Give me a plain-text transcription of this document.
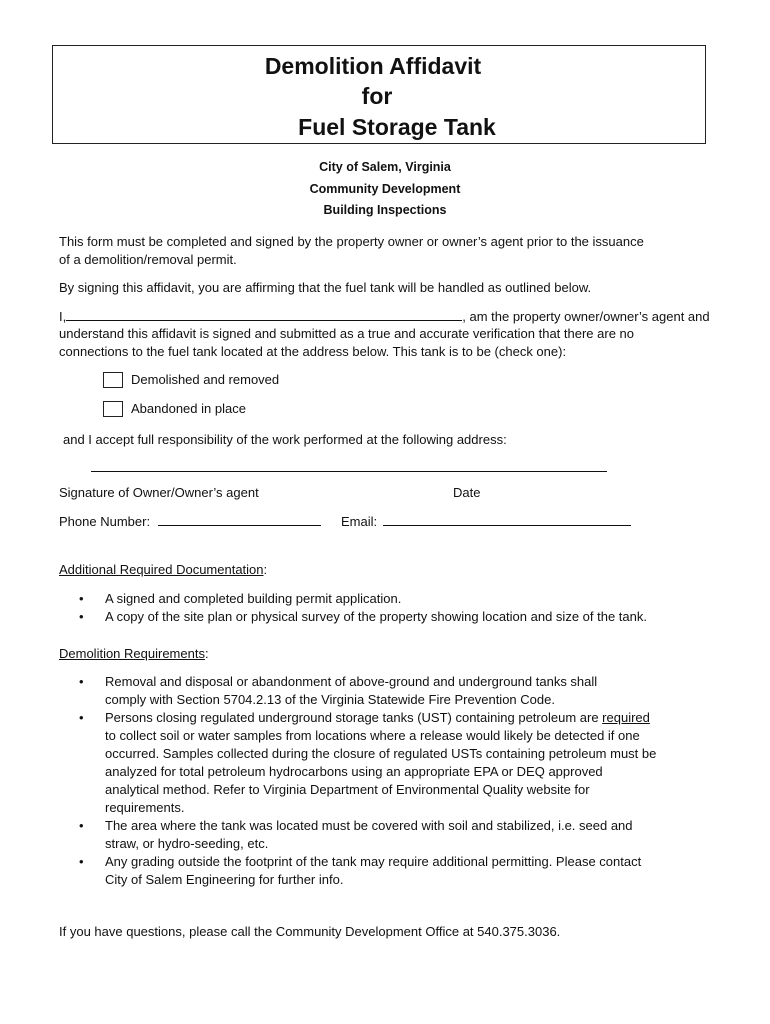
Demolition Affidavit
for
Fuel Storage Tank
City of Salem, Virginia
Community Development
Building Inspections
This form must be completed and signed by the property owner or owner’s agent prior to the issuance
of a demolition/removal permit.
By signing this affidavit, you are affirming that the fuel tank will be handled as outlined below.
I,	, am the property owner/owner’s agent and
understand this affidavit is signed and submitted as a true and accurate verification that there are no
connections to the fuel tank located at the address below. This tank is to be (check one):
Demolished and removed
Abandoned in place
and I accept full responsibility of the work performed at the following address:
Signature of Owner/Owner’s agent	Date
Phone Number:	Email:
Additional Required Documentation:
• A signed and completed building permit application.
• A copy of the site plan or physical survey of the property showing location and size of the tank.
Demolition Requirements:
• Removal and disposal or abandonment of above-ground and underground tanks shall
comply with Section 5704.2.13 of the Virginia Statewide Fire Prevention Code.
• Persons closing regulated underground storage tanks (UST) containing petroleum are required
to collect soil or water samples from locations where a release would likely be detected if one
occurred. Samples collected during the closure of regulated USTs containing petroleum must be
analyzed for total petroleum hydrocarbons using an appropriate EPA or DEQ approved
analytical method. Refer to Virginia Department of Environmental Quality website for
requirements.
• The area where the tank was located must be covered with soil and stabilized, i.e. seed and
straw, or hydro-seeding, etc.
• Any grading outside the footprint of the tank may require additional permitting. Please contact
City of Salem Engineering for further info.
If you have questions, please call the Community Development Office at 540.375.3036.
